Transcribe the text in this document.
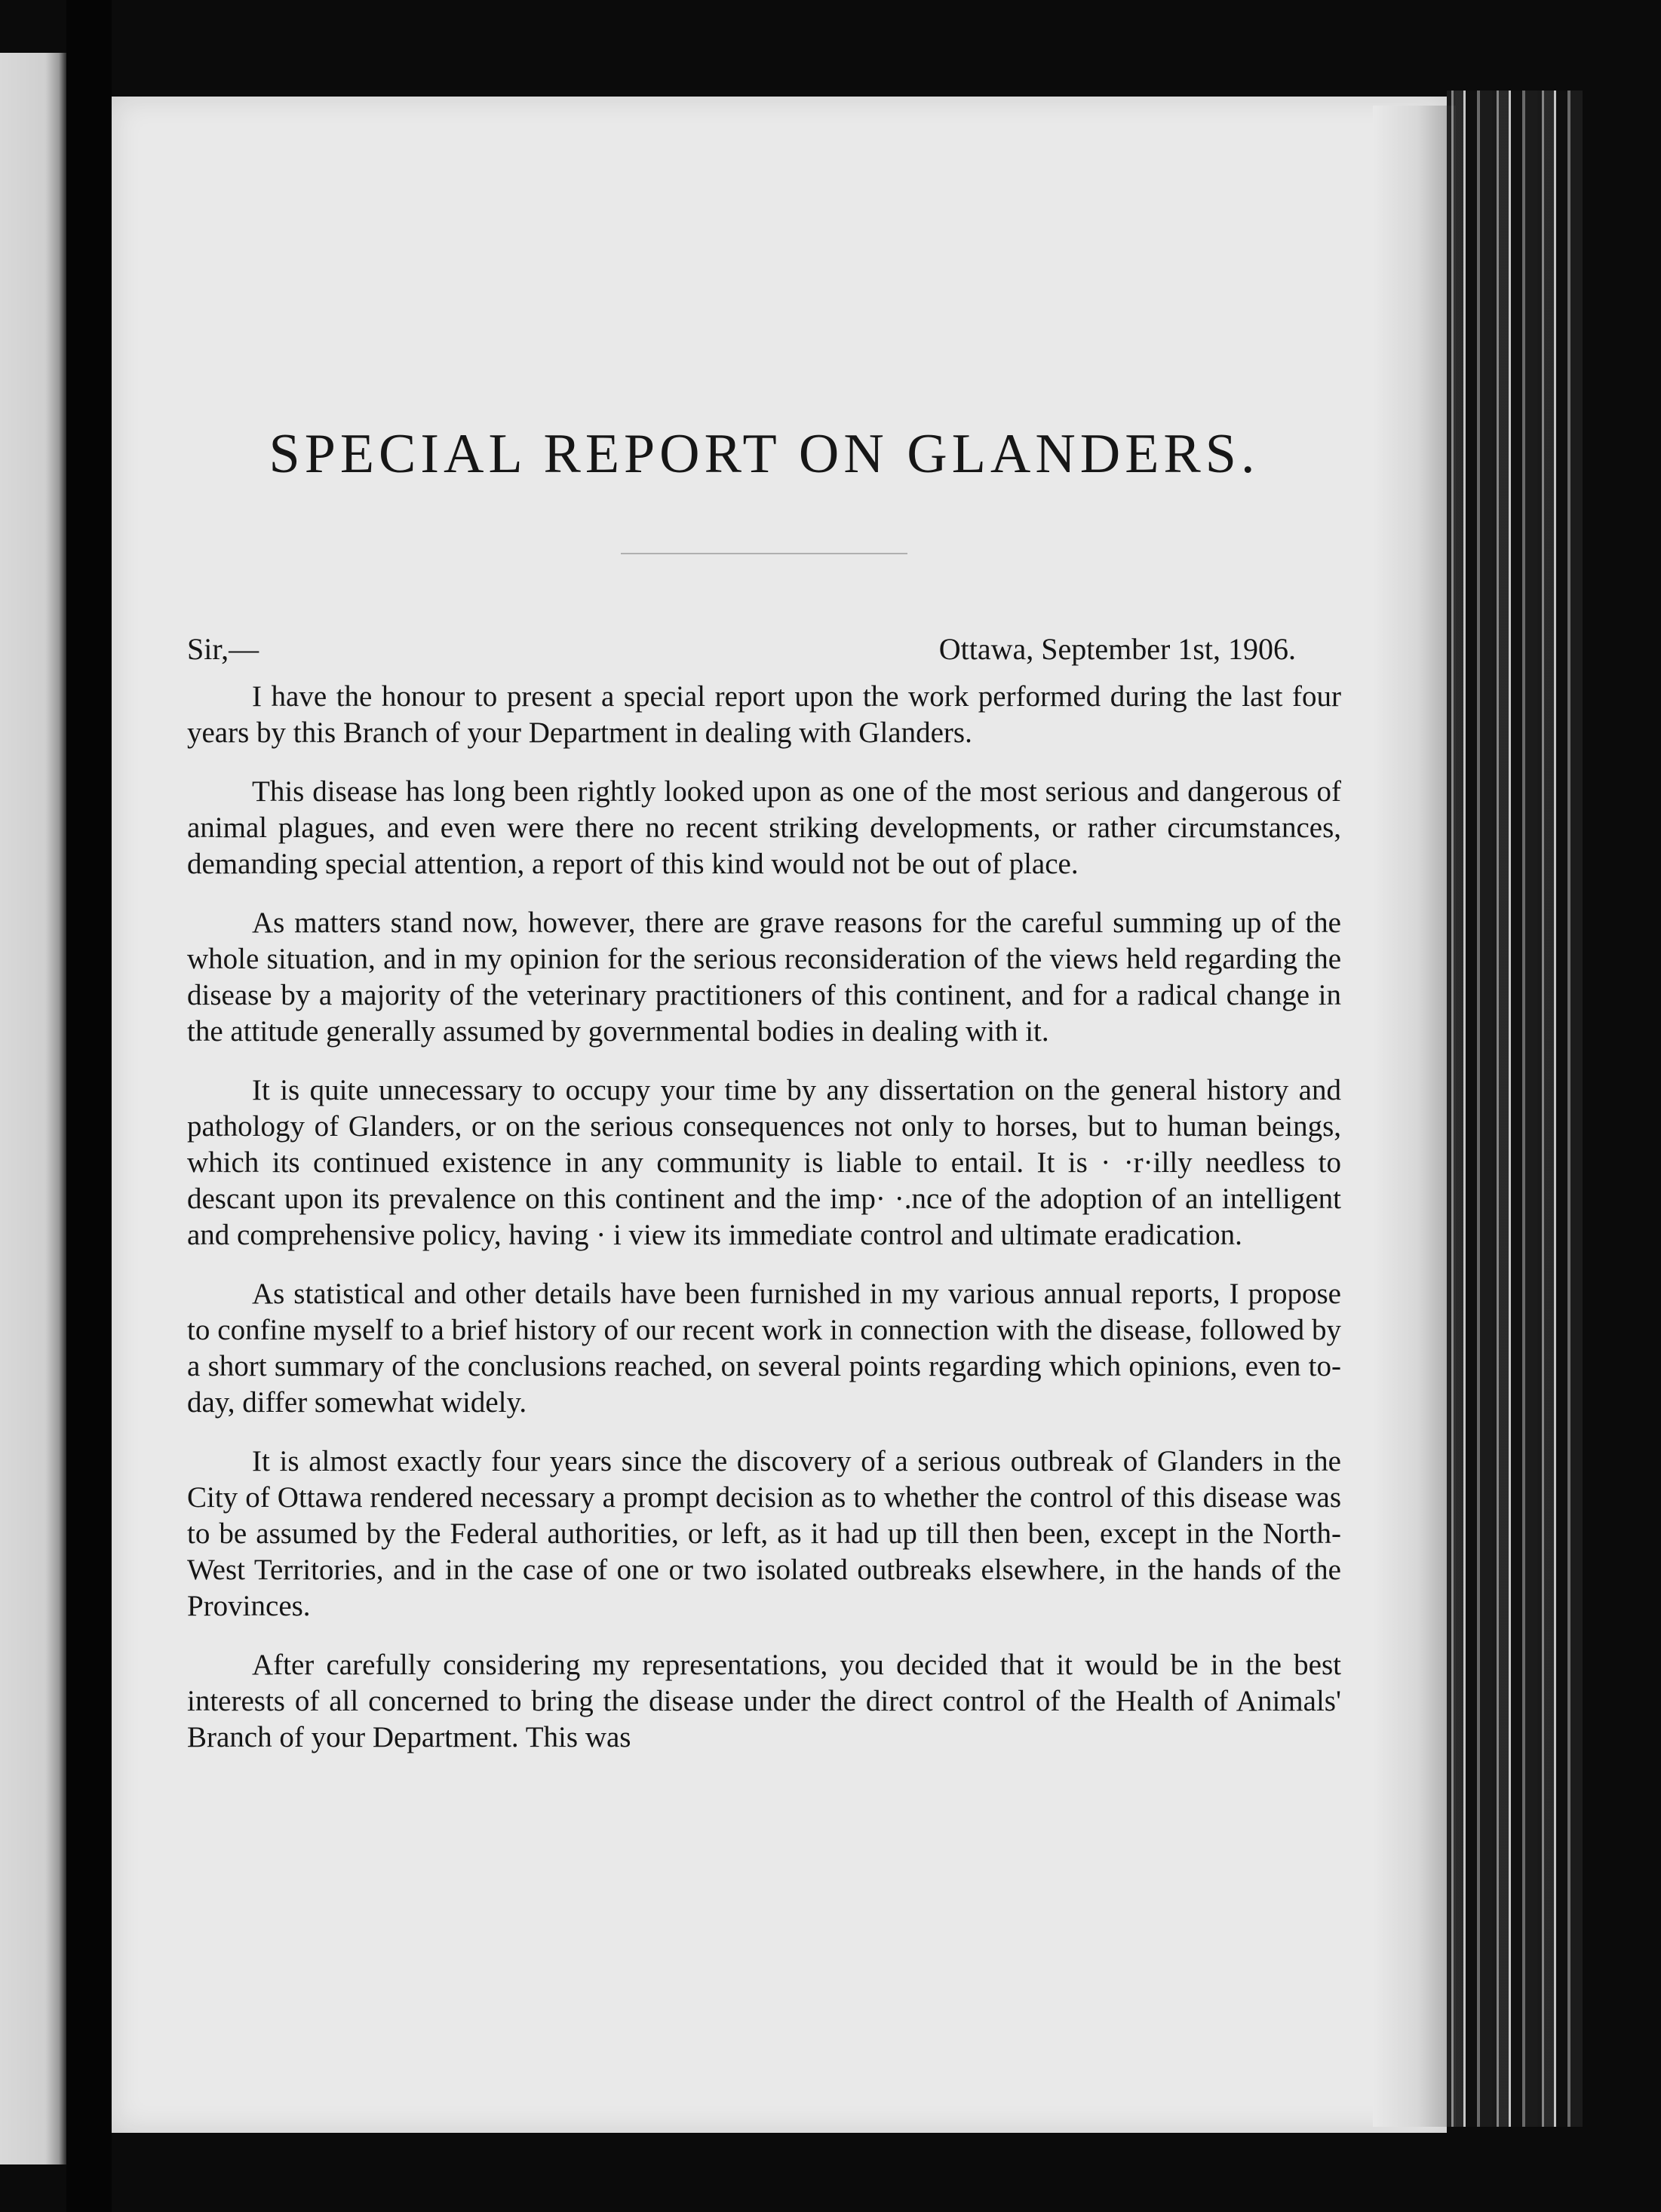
SPECIAL REPORT ON GLANDERS.
Sir,—	Ottawa, September 1st, 1906.

I have the honour to present a special report upon the work performed during the last four years by this Branch of your Department in dealing with Glanders.

This disease has long been rightly looked upon as one of the most serious and dangerous of animal plagues, and even were there no recent striking developments, or rather circumstances, demanding special attention, a report of this kind would not be out of place.

As matters stand now, however, there are grave reasons for the careful summing up of the whole situation, and in my opinion for the serious reconsideration of the views held regarding the disease by a majority of the veterinary practitioners of this continent, and for a radical change in the attitude generally assumed by governmental bodies in dealing with it.

It is quite unnecessary to occupy your time by any dissertation on the general history and pathology of Glanders, or on the serious consequences not only to horses, but to human beings, which its continued existence in any community is liable to entail. It is · ·r·illy needless to descant upon its prevalence on this continent and the imp· ·.nce of the adoption of an intelligent and comprehensive policy, having · i view its immediate control and ultimate eradication.

As statistical and other details have been furnished in my various annual reports, I propose to confine myself to a brief history of our recent work in connection with the disease, followed by a short summary of the conclusions reached, on several points regarding which opinions, even to-day, differ somewhat widely.

It is almost exactly four years since the discovery of a serious outbreak of Glanders in the City of Ottawa rendered necessary a prompt decision as to whether the control of this disease was to be assumed by the Federal authorities, or left, as it had up till then been, except in the North-West Territories, and in the case of one or two isolated outbreaks elsewhere, in the hands of the Provinces.

After carefully considering my representations, you decided that it would be in the best interests of all concerned to bring the disease under the direct control of the Health of Animals' Branch of your Department. This was
